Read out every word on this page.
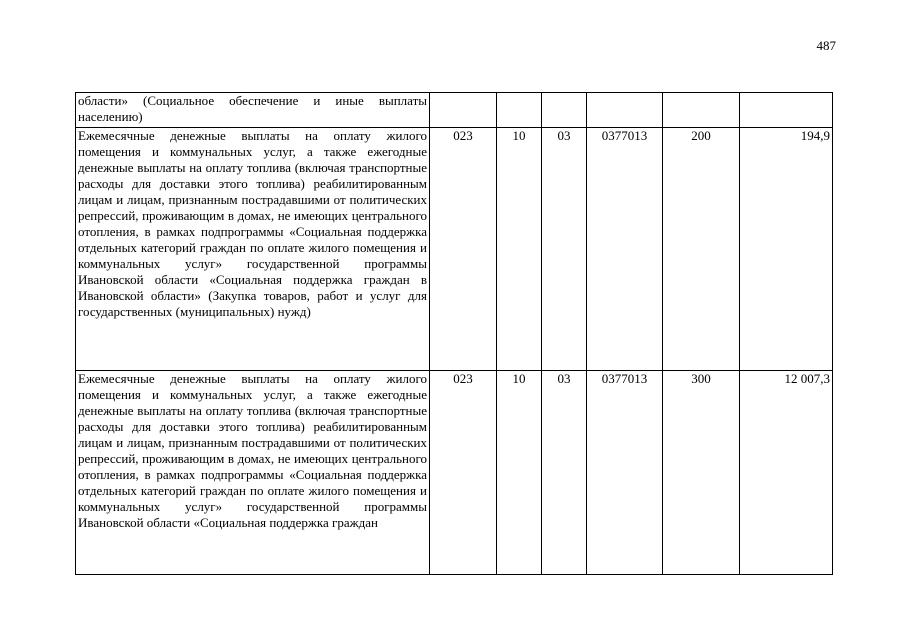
487
области» (Социальное обеспечение и иные выплаты населению)						
Ежемесячные денежные выплаты на оплату жилого помещения и коммунальных услуг, а также ежегодные денежные выплаты на оплату топлива (включая транспортные расходы для доставки этого топлива) реабилитированным лицам и лицам, признанным пострадавшими от политических репрессий, проживающим в домах, не имеющих центрального отопления, в рамках подпрограммы «Социальная поддержка отдельных категорий граждан по оплате жилого помещения и коммунальных услуг» государственной программы Ивановской области «Социальная поддержка граждан в Ивановской области» (Закупка товаров, работ и услуг для государственных (муниципальных) нужд)	023	10	03	0377013	200	194,9
Ежемесячные денежные выплаты на оплату жилого помещения и коммунальных услуг, а также ежегодные денежные выплаты на оплату топлива (включая транспортные расходы для доставки этого топлива) реабилитированным лицам и лицам, признанным пострадавшими от политических репрессий, проживающим в домах, не имеющих центрального отопления, в рамках подпрограммы «Социальная поддержка отдельных категорий граждан по оплате жилого помещения и коммунальных услуг» государственной программы Ивановской области «Социальная поддержка граждан	023	10	03	0377013	300	12 007,3
